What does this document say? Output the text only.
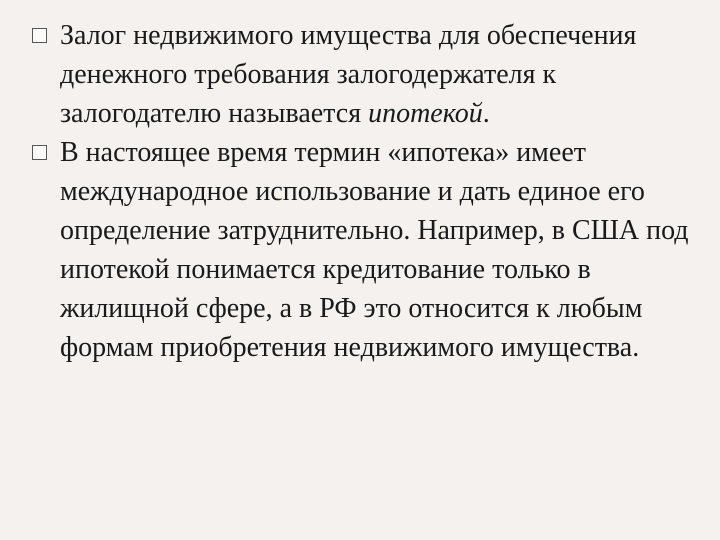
Залог недвижимого имущества для обеспечения денежного требования залогодержателя к залогодателю называется ипотекой.
В настоящее время термин «ипотека» имеет международное использование и дать единое его определение затруднительно. Например, в США под ипотекой понимается кредитование только в жилищной сфере, а в РФ это относится к любым формам приобретения недвижимого имущества.
